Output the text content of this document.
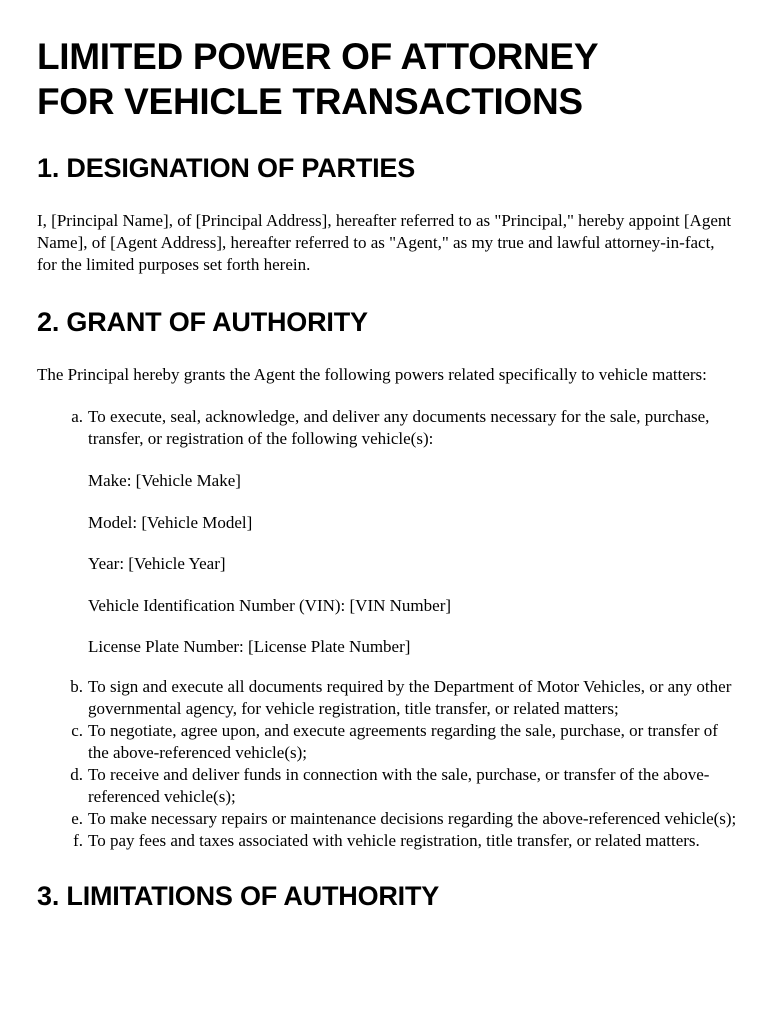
LIMITED POWER OF ATTORNEY
FOR VEHICLE TRANSACTIONS
1. DESIGNATION OF PARTIES

I, [Principal Name], of [Principal Address], hereafter referred to as "Principal," hereby appoint [Agent Name], of [Agent Address], hereafter referred to as "Agent," as my true and lawful attorney-in-fact, for the limited purposes set forth herein.

2. GRANT OF AUTHORITY

The Principal hereby grants the Agent the following powers related specifically to vehicle matters:

a. To execute, seal, acknowledge, and deliver any documents necessary for the sale, purchase, transfer, or registration of the following vehicle(s):
Make: [Vehicle Make]
Model: [Vehicle Model]
Year: [Vehicle Year]
Vehicle Identification Number (VIN): [VIN Number]
License Plate Number: [License Plate Number]
b. To sign and execute all documents required by the Department of Motor Vehicles, or any other governmental agency, for vehicle registration, title transfer, or related matters;
c. To negotiate, agree upon, and execute agreements regarding the sale, purchase, or transfer of the above-referenced vehicle(s);
d. To receive and deliver funds in connection with the sale, purchase, or transfer of the above-referenced vehicle(s);
e. To make necessary repairs or maintenance decisions regarding the above-referenced vehicle(s);
f. To pay fees and taxes associated with vehicle registration, title transfer, or related matters.
3. LIMITATIONS OF AUTHORITY
